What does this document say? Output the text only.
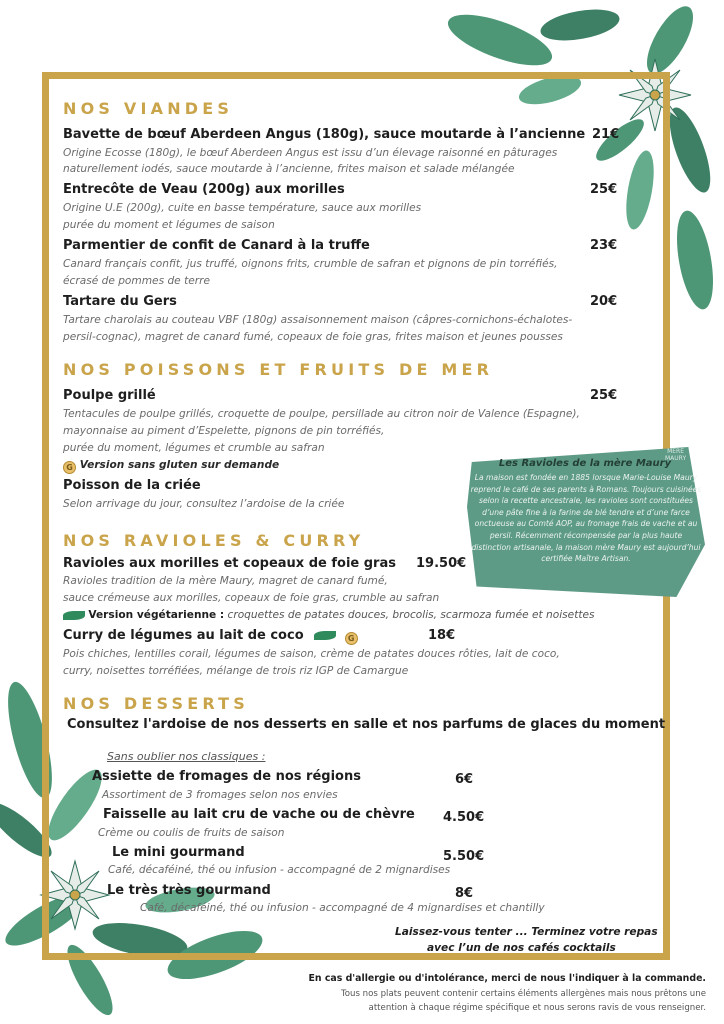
NOS VIANDES
Bavette de bœuf Aberdeen Angus (180g), sauce moutarde à l’ancienne 21€
Origine Ecosse (180g), le bœuf Aberdeen Angus est issu d’un élevage raisonné en pâturages
naturellement iodés, sauce moutarde à l’ancienne, frites maison et salade mélangée
Entrecôte de Veau (200g) aux morilles	25€
Origine U.E (200g), cuite en basse température, sauce aux morilles
purée du moment et légumes de saison
Parmentier de confit de Canard à la truffe	23€
Canard français confit, jus truffé, oignons frits, crumble de safran et pignons de pin torréfiés,
écrasé de pommes de terre
Tartare du Gers	20€
Tartare charolais au couteau VBF (180g) assaisonnement maison (câpres-cornichons-échalotes-
persil-cognac), magret de canard fumé, copeaux de foie gras, frites maison et jeunes pousses
NOS POISSONS ET FRUITS DE MER
Poulpe grillé	25€
Tentacules de poulpe grillés, croquette de poulpe, persillade au citron noir de Valence (Espagne),
mayonnaise au piment d’Espelette, pignons de pin torréfiés,
purée du moment, légumes et crumble au safran
G Version sans gluten sur demande
Poisson de la criée
Selon arrivage du jour, consultez l’ardoise de la criée
NOS RAVIOLES & CURRY
Ravioles aux morilles et copeaux de foie gras 19.50€
Ravioles tradition de la mère Maury, magret de canard fumé,
sauce crémeuse aux morilles, copeaux de foie gras, crumble au safran
Version végétarienne : croquettes de patates douces, brocolis, scarmoza fumée et noisettes
Curry de légumes au lait de coco	G	18€
Pois chiches, lentilles corail, légumes de saison, crème de patates douces rôties, lait de coco,
curry, noisettes torréfiées, mélange de trois riz IGP de Camargue
MÈRE
MAURY
Les Ravioles de la mère Maury
La maison est fondée en 1885 lorsque Marie-Louise Maury reprend le café de ses parents à Romans. Toujours cuisinées selon la recette ancestrale, les ravioles sont constituées d’une pâte fine à la farine de blé tendre et d’une farce onctueuse au Comté AOP, au fromage frais de vache et au persil. Récemment récompensée par la plus haute distinction artisanale, la maison mère Maury est aujourd’hui certifiée Maître Artisan.
NOS DESSERTS
Consultez l'ardoise de nos desserts en salle et nos parfums de glaces du moment
Sans oublier nos classiques :
Assiette de fromages de nos régions	6€
Assortiment de 3 fromages selon nos envies
Faisselle au lait cru de vache ou de chèvre 4.50€
Crème ou coulis de fruits de saison
Le mini gourmand	5.50€
Café, décaféiné, thé ou infusion - accompagné de 2 mignardises
Le très très gourmand	8€
Café, décaféiné, thé ou infusion - accompagné de 4 mignardises et chantilly
Laissez-vous tenter ... Terminez votre repas
avec l’un de nos cafés cocktails
En cas d'allergie ou d'intolérance, merci de nous l'indiquer à la commande.
Tous nos plats peuvent contenir certains éléments allergènes mais nous prêtons une
attention à chaque régime spécifique et nous serons ravis de vous renseigner.
